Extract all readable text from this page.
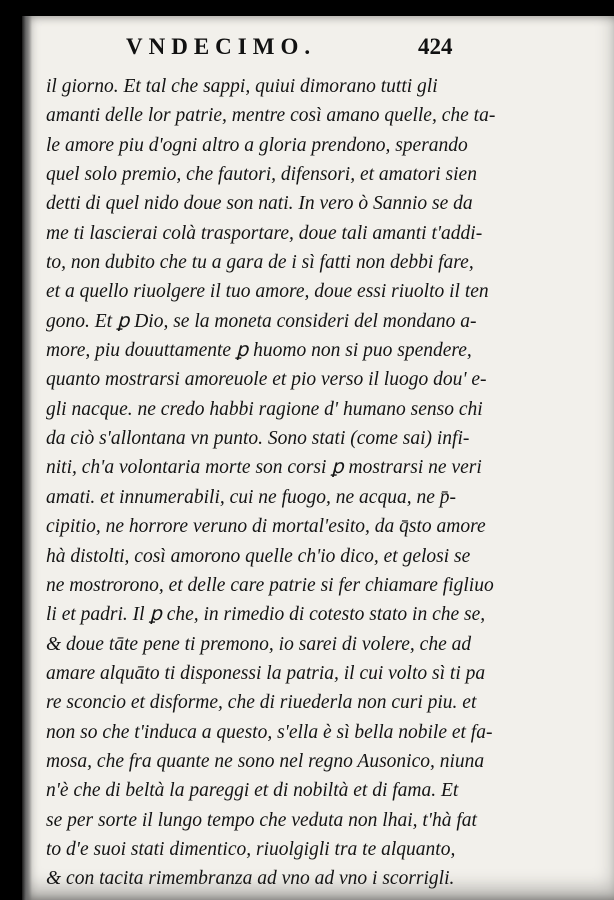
VNDECIMO.	424
il giorno. Et tal che sappi, quiui dimorano tutti gli
amanti delle lor patrie, mentre così amano quelle, che ta-
le amore piu d'ogni altro a gloria prendono, sperando
quel solo premio, che fautori, difensori, et amatori sien
detti di quel nido doue son nati. In vero ò Sannio se da
me ti lascierai colà trasportare, doue tali amanti t'addi-
to, non dubito che tu a gara de i sì fatti non debbi fare,
et a quello riuolgere il tuo amore, doue essi riuolto il ten
gono. Et ꝑ Dio, se la moneta consideri del mondano a-
more, piu douuttamente ꝑ huomo non si puo spendere,
quanto mostrarsi amoreuole et pio verso il luogo dou' e-
gli nacque. ne credo habbi ragione d' humano senso chi
da ciò s'allontana vn punto. Sono stati (come sai) infi-
niti, ch'a volontaria morte son corsi ꝑ mostrarsi ne veri
amati. et innumerabili, cui ne fuogo, ne acqua, ne p̄-
cipitio, ne horrore veruno di mortal'esito, da q̄sto amore
hà distolti, così amorono quelle ch'io dico, et gelosi se
ne mostrorono, et delle care patrie si fer chiamare figliuo
li et padri. Il ꝑ che, in rimedio di cotesto stato in che se,
& doue tāte pene ti premono, io sarei di volere, che ad
amare alquāto ti disponessi la patria, il cui volto sì ti pa
re sconcio et disforme, che di riuederla non curi piu. et
non so che t'induca a questo, s'ella è sì bella nobile et fa-
mosa, che fra quante ne sono nel regno Ausonico, niuna
n'è che di beltà la pareggi et di nobiltà et di fama. Et
se per sorte il lungo tempo che veduta non lhai, t'hà fat
to d'e suoi stati dimentico, riuolgigli tra te alquanto,
& con tacita rimembranza ad vno ad vno i scorrigli.
